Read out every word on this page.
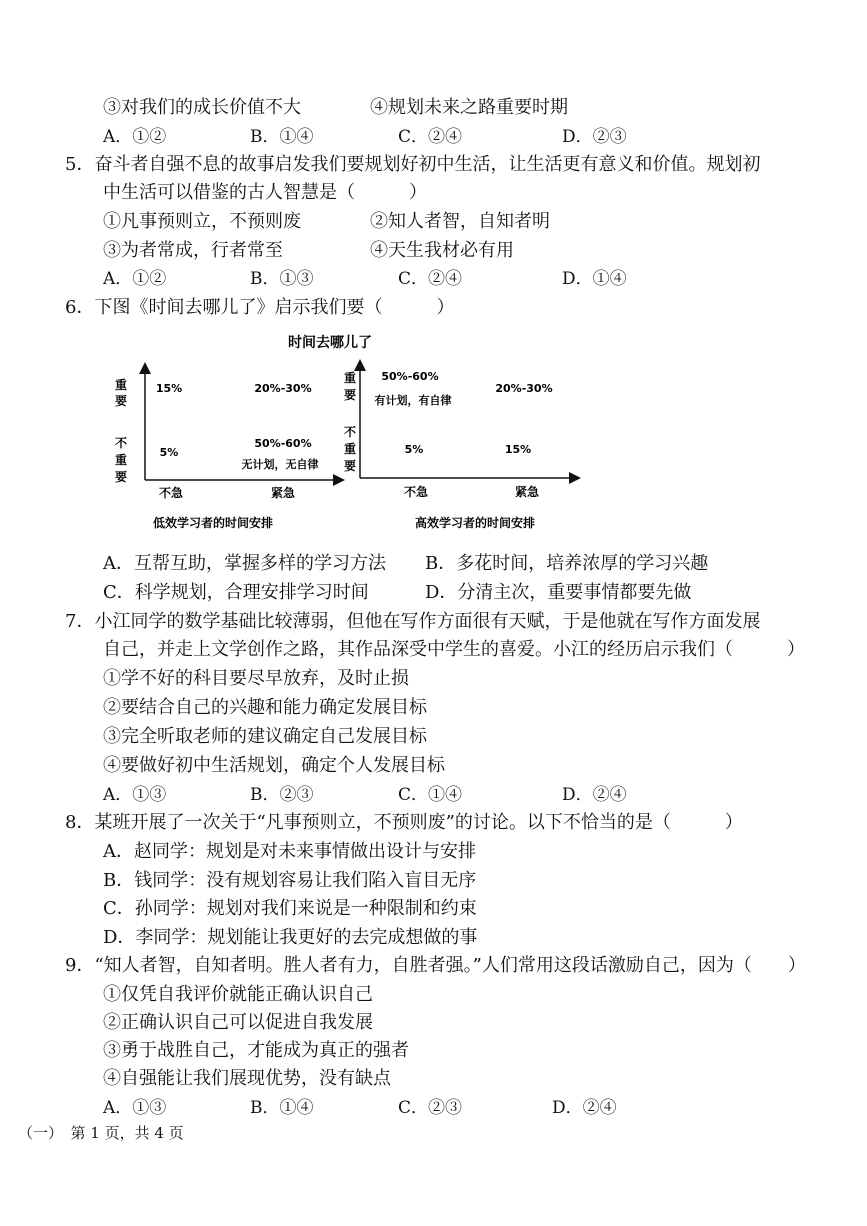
③对我们的成长价值不大	④规划未来之路重要时期
A．①②	B．①④	C．②④	D．②③
5．奋斗者自强不息的故事启发我们要规划好初中生活，让生活更有意义和价值。规划初
中生活可以借鉴的古人智慧是（　　　）
①凡事预则立，不预则废	②知人者智，自知者明
③为者常成，行者常至	④天生我材必有用
A．①②	B．①③	C．②④	D．①④
6．下图《时间去哪儿了》启示我们要（　　　）
时间去哪儿了
重
要
不
重
要
不急	紧急
15%	20%-30%
5%
50%-60%
无计划，无自律
低效学习者的时间安排
重
要
不
重
要
不急	紧急
50%-60%
有计划，有自律
20%-30%
5%	15%
高效学习者的时间安排
A．互帮互助，掌握多样的学习方法 B．多花时间，培养浓厚的学习兴趣
C．科学规划，合理安排学习时间	D．分清主次，重要事情都要先做
7．小江同学的数学基础比较薄弱，但他在写作方面很有天赋，于是他就在写作方面发展
自己，并走上文学创作之路，其作品深受中学生的喜爱。小江的经历启示我们（　　　）
①学不好的科目要尽早放弃，及时止损
②要结合自己的兴趣和能力确定发展目标
③完全听取老师的建议确定自己发展目标
④要做好初中生活规划，确定个人发展目标
A．①③	B．②③	C．①④	D．②④
8．某班开展了一次关于“凡事预则立，不预则废”的讨论。以下不恰当的是（　　　）
A．赵同学：规划是对未来事情做出设计与安排
B．钱同学：没有规划容易让我们陷入盲目无序
C．孙同学：规划对我们来说是一种限制和约束
D．李同学：规划能让我更好的去完成想做的事
9．“知人者智，自知者明。胜人者有力，自胜者强。”人们常用这段话激励自己，因为（　　）
①仅凭自我评价就能正确认识自己
②正确认识自己可以促进自我发展
③勇于战胜自己，才能成为真正的强者
④自强能让我们展现优势，没有缺点
A．①③	B．①④	C．②③	D．②④
（一）　第 1 页，共 4 页
